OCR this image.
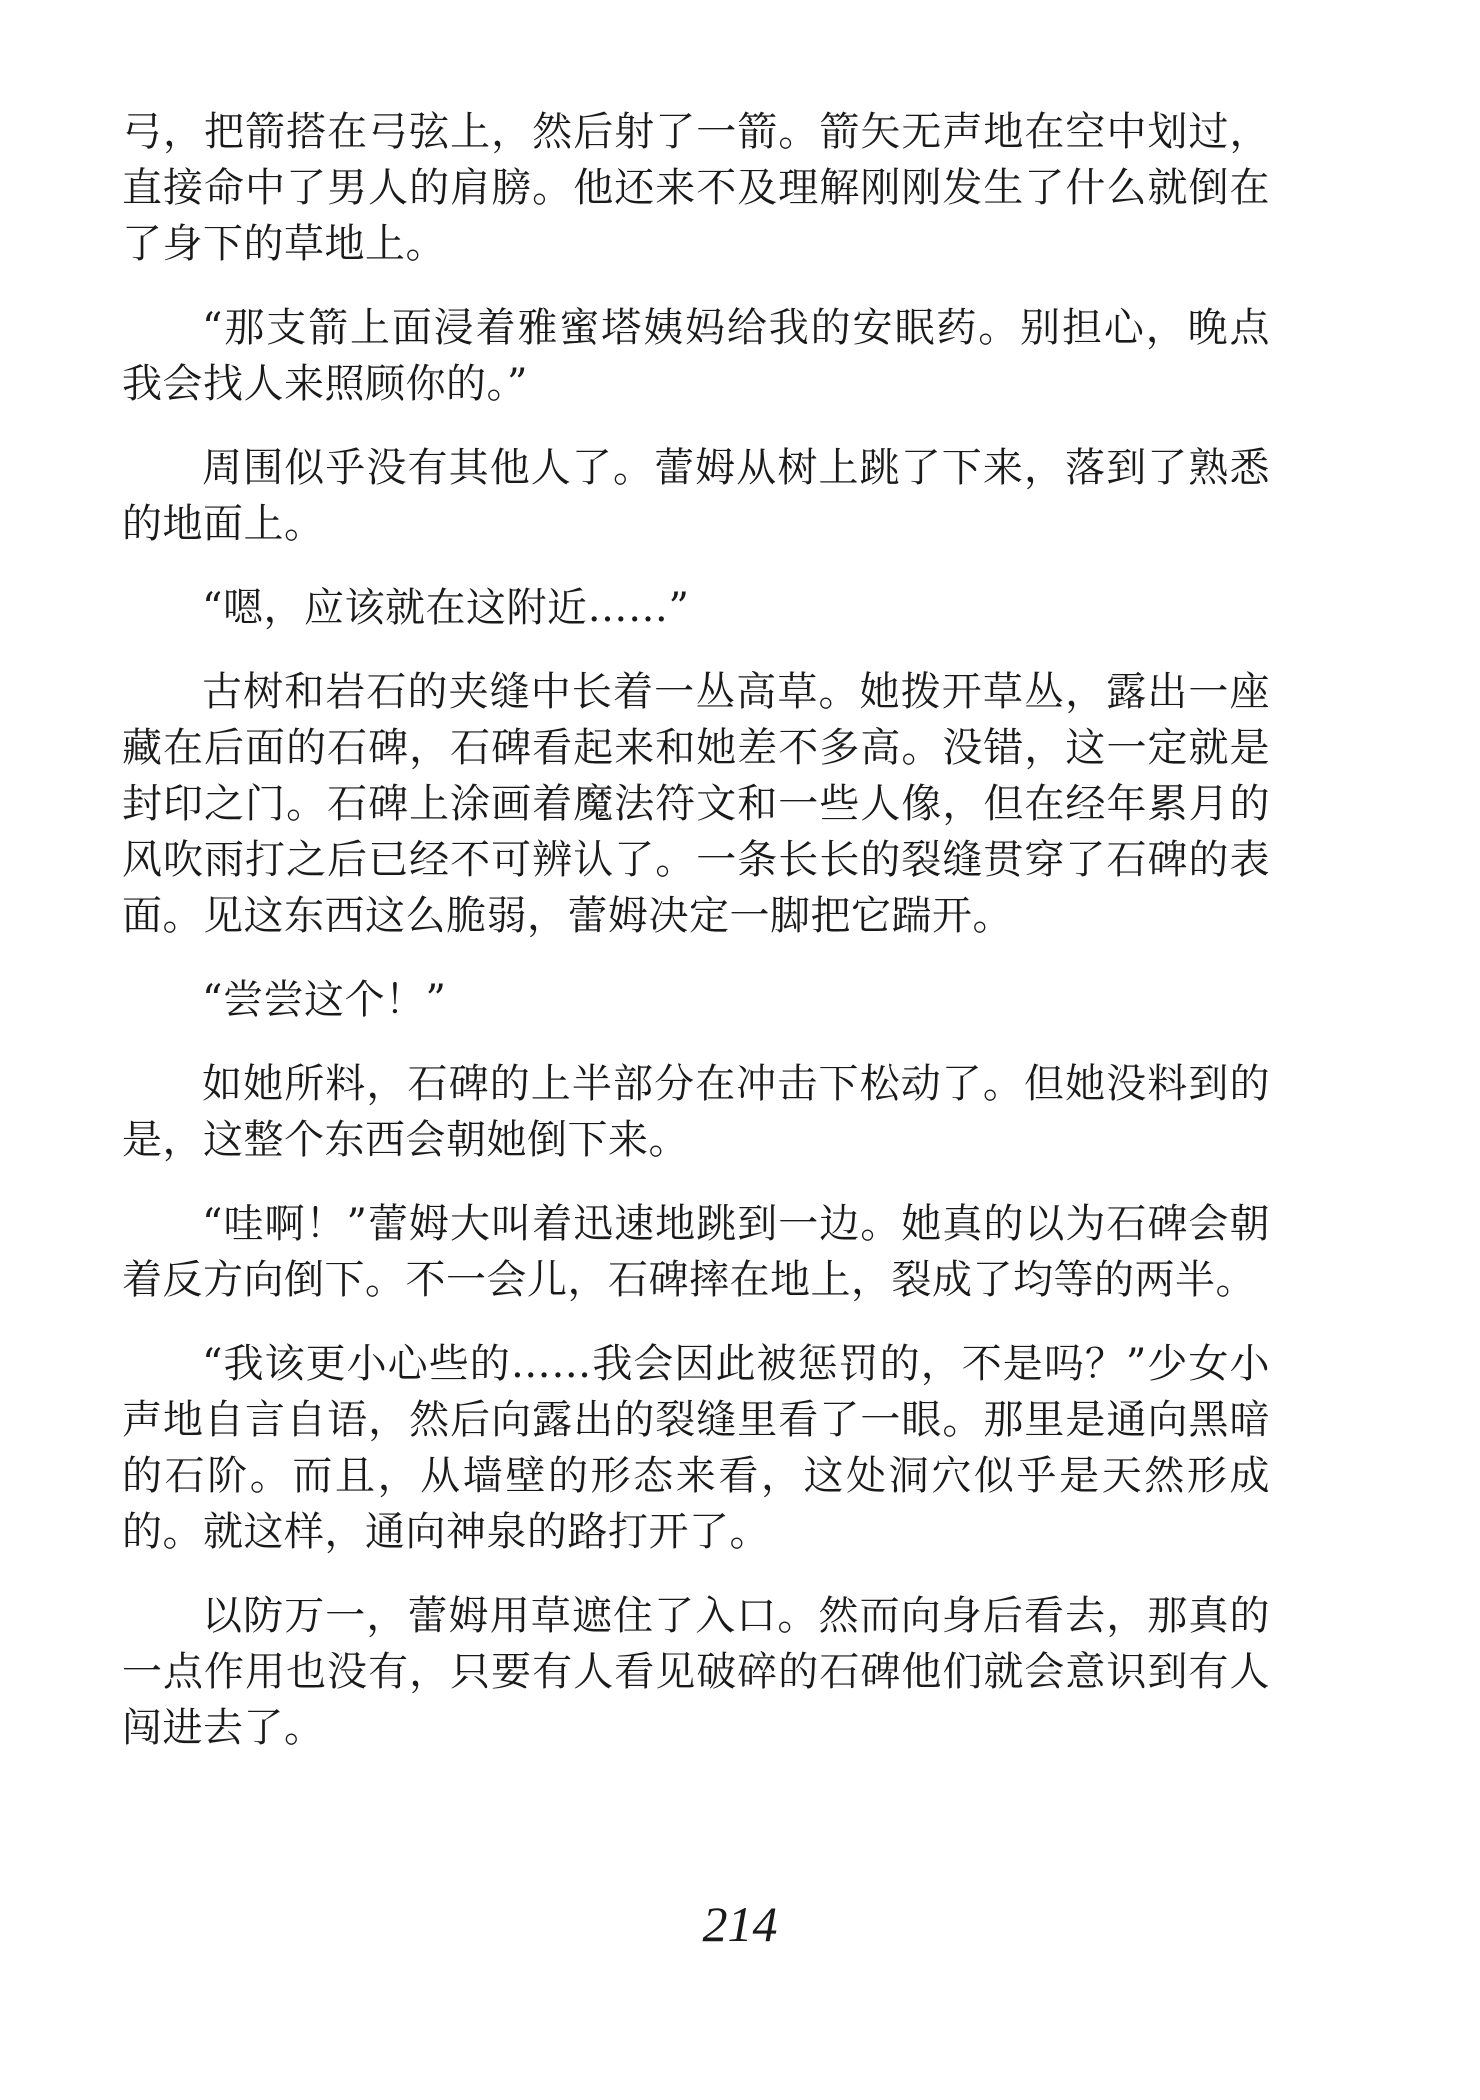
弓，把箭搭在弓弦上，然后射了一箭。箭矢无声地在空中划过，直接命中了男人的肩膀。他还来不及理解刚刚发生了什么就倒在了身下的草地上。

“那支箭上面浸着雅蜜塔姨妈给我的安眠药。别担心，晚点我会找人来照顾你的。”

周围似乎没有其他人了。蕾姆从树上跳了下来，落到了熟悉的地面上。

“嗯，应该就在这附近……”

古树和岩石的夹缝中长着一丛高草。她拨开草丛，露出一座藏在后面的石碑，石碑看起来和她差不多高。没错，这一定就是封印之门。石碑上涂画着魔法符文和一些人像，但在经年累月的风吹雨打之后已经不可辨认了。一条长长的裂缝贯穿了石碑的表面。见这东西这么脆弱，蕾姆决定一脚把它踹开。

“尝尝这个！”

如她所料，石碑的上半部分在冲击下松动了。但她没料到的是，这整个东西会朝她倒下来。

“哇啊！”蕾姆大叫着迅速地跳到一边。她真的以为石碑会朝着反方向倒下。不一会儿，石碑摔在地上，裂成了均等的两半。

“我该更小心些的……我会因此被惩罚的，不是吗？”少女小声地自言自语，然后向露出的裂缝里看了一眼。那里是通向黑暗的石阶。而且，从墙壁的形态来看，这处洞穴似乎是天然形成的。就这样，通向神泉的路打开了。

以防万一，蕾姆用草遮住了入口。然而向身后看去，那真的一点作用也没有，只要有人看见破碎的石碑他们就会意识到有人闯进去了。

214
